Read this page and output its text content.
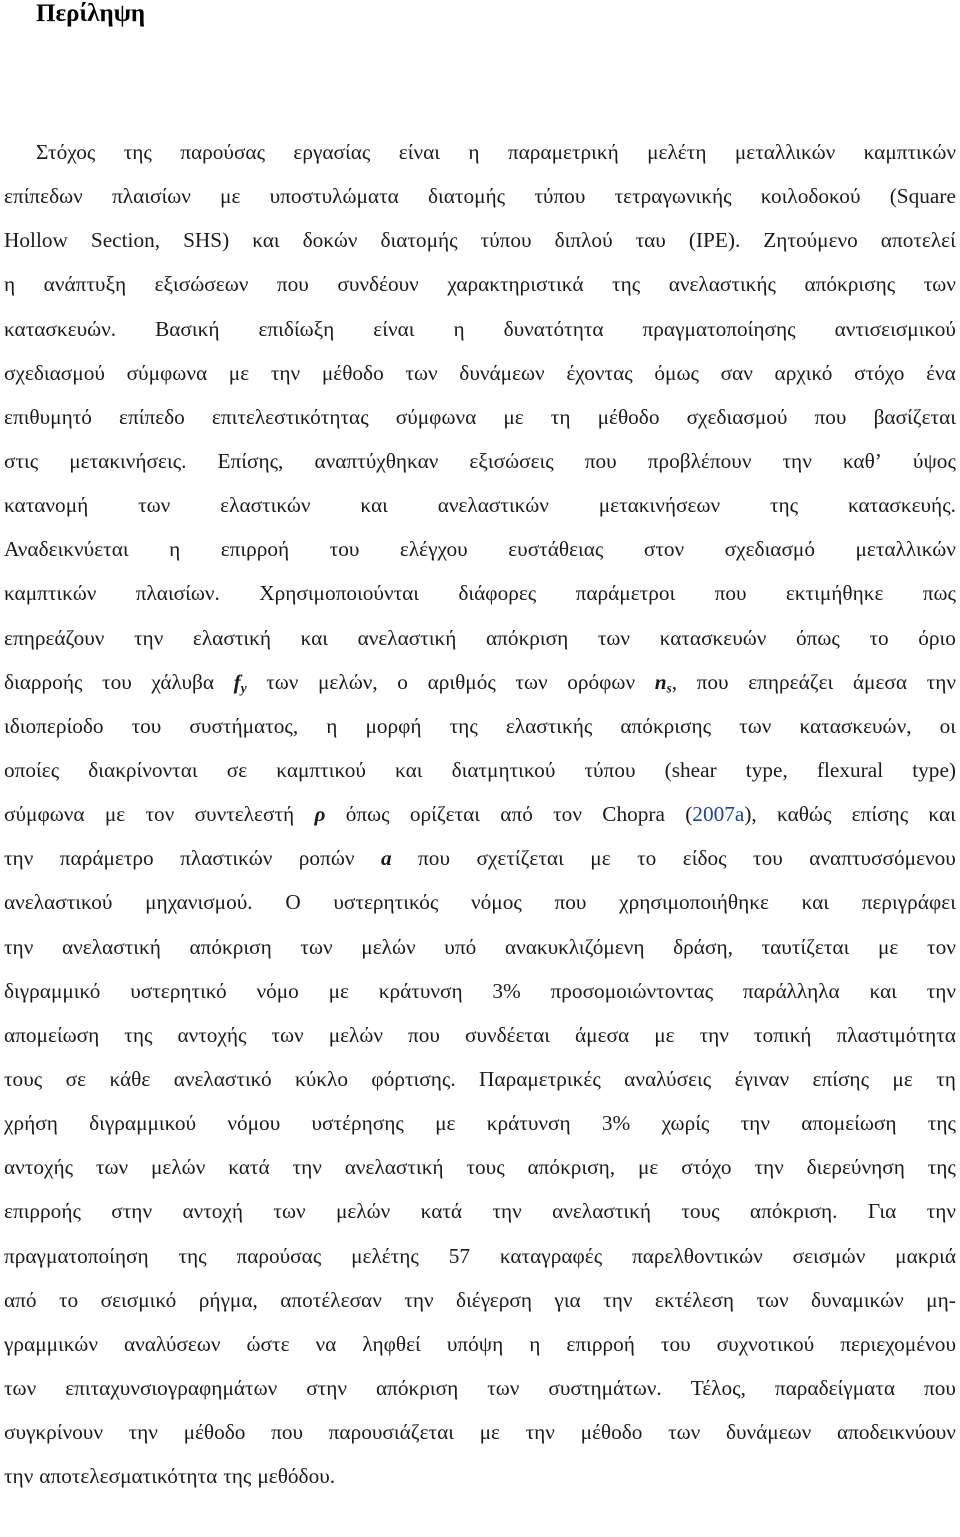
Περίληψη
Στόχος της παρούσας εργασίας είναι η παραμετρική μελέτη μεταλλικών καμπτικών
επίπεδων πλαισίων με υποστυλώματα διατομής τύπου τετραγωνικής κοιλοδοκού (Square
Hollow Section, SHS) και δοκών διατομής τύπου διπλού ταυ (IPE). Ζητούμενο αποτελεί
η ανάπτυξη εξισώσεων που συνδέουν χαρακτηριστικά της ανελαστικής απόκρισης των
κατασκευών. Βασική επιδίωξη είναι η δυνατότητα πραγματοποίησης αντισεισμικού
σχεδιασμού σύμφωνα με την μέθοδο των δυνάμεων έχοντας όμως σαν αρχικό στόχο ένα
επιθυμητό επίπεδο επιτελεστικότητας σύμφωνα με τη μέθοδο σχεδιασμού που βασίζεται
στις μετακινήσεις. Επίσης, αναπτύχθηκαν εξισώσεις που προβλέπουν την καθ’ ύψος
κατανομή των ελαστικών και ανελαστικών μετακινήσεων της κατασκευής.
Αναδεικνύεται η επιρροή του ελέγχου ευστάθειας στον σχεδιασμό μεταλλικών
καμπτικών πλαισίων. Χρησιμοποιούνται διάφορες παράμετροι που εκτιμήθηκε πως
επηρεάζουν την ελαστική και ανελαστική απόκριση των κατασκευών όπως το όριο
διαρροής του χάλυβα $f_y$ των μελών, ο αριθμός των ορόφων $n_s$, που επηρεάζει άμεσα την
ιδιοπερίοδο του συστήματος, η μορφή της ελαστικής απόκρισης των κατασκευών, οι
οποίες διακρίνονται σε καμπτικού και διατμητικού τύπου (shear type, flexural type)
σύμφωνα με τον συντελεστή ρ όπως ορίζεται από τον Chopra (2007a), καθώς επίσης και
την παράμετρο πλαστικών ροπών a που σχετίζεται με το είδος του αναπτυσσόμενου
ανελαστικού μηχανισμού. Ο υστερητικός νόμος που χρησιμοποιήθηκε και περιγράφει
την ανελαστική απόκριση των μελών υπό ανακυκλιζόμενη δράση, ταυτίζεται με τον
διγραμμικό υστερητικό νόμο με κράτυνση 3% προσομοιώντοντας παράλληλα και την
απομείωση της αντοχής των μελών που συνδέεται άμεσα με την τοπική πλαστιμότητα
τους σε κάθε ανελαστικό κύκλο φόρτισης. Παραμετρικές αναλύσεις έγιναν επίσης με τη
χρήση διγραμμικού νόμου υστέρησης με κράτυνση 3% χωρίς την απομείωση της
αντοχής των μελών κατά την ανελαστική τους απόκριση, με στόχο την διερεύνηση της
επιρροής στην αντοχή των μελών κατά την ανελαστική τους απόκριση. Για την
πραγματοποίηση της παρούσας μελέτης 57 καταγραφές παρελθοντικών σεισμών μακριά
από το σεισμικό ρήγμα, αποτέλεσαν την διέγερση για την εκτέλεση των δυναμικών μη-
γραμμικών αναλύσεων ώστε να ληφθεί υπόψη η επιρροή του συχνοτικού περιεχομένου
των επιταχυνσιογραφημάτων στην απόκριση των συστημάτων. Τέλος, παραδείγματα που
συγκρίνουν την μέθοδο που παρουσιάζεται με την μέθοδο των δυνάμεων αποδεικνύουν
την αποτελεσματικότητα της μεθόδου.
